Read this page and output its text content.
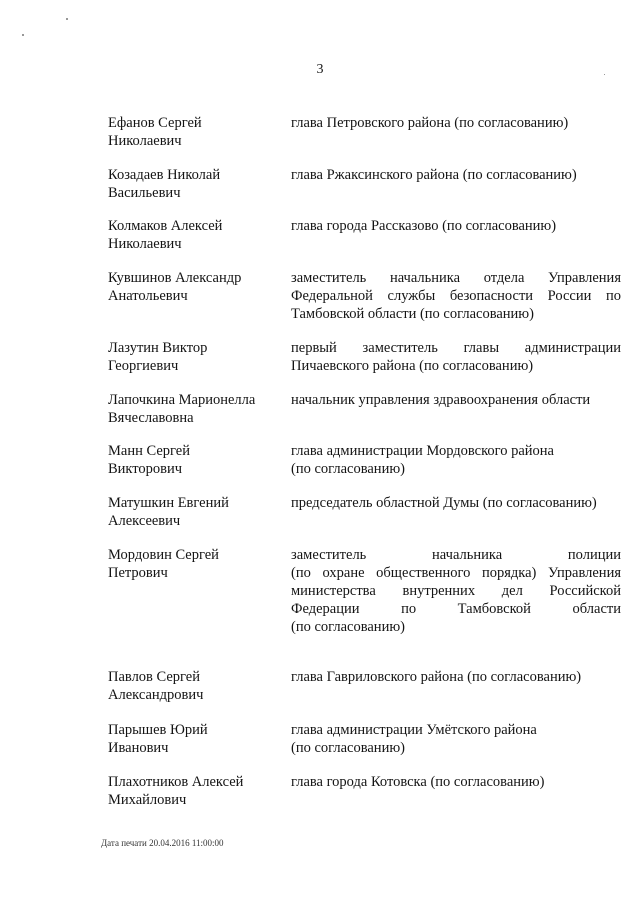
3
Ефанов Сергей
Николаевич
глава Петровского района (по согласованию)
Козадаев Николай
Васильевич
глава Ржаксинского района (по согласованию)
Колмаков Алексей
Николаевич
глава города Рассказово (по согласованию)
Кувшинов Александр
Анатольевич
заместитель начальника отдела Управления
Федеральной службы безопасности России по
Тамбовской области (по согласованию)
Лазутин Виктор
Георгиевич
первый заместитель главы администрации
Пичаевского района (по согласованию)
Лапочкина Марионелла
Вячеславовна
начальник управления здравоохранения области
Манн Сергей
Викторович
глава администрации Мордовского района
(по согласованию)
Матушкин Евгений
Алексеевич
председатель областной Думы (по согласованию)
Мордовин Сергей
Петрович
заместитель начальника полиции
(по охране общественного порядка) Управления
министерства внутренних дел Российской
Федерации по Тамбовской области
(по согласованию)
Павлов Сергей
Александрович
глава Гавриловского района (по согласованию)
Парышев Юрий
Иванович
глава администрации Умётского района
(по согласованию)
Плахотников Алексей
Михайлович
глава города Котовска (по согласованию)
Дата печати 20.04.2016 11:00:00
